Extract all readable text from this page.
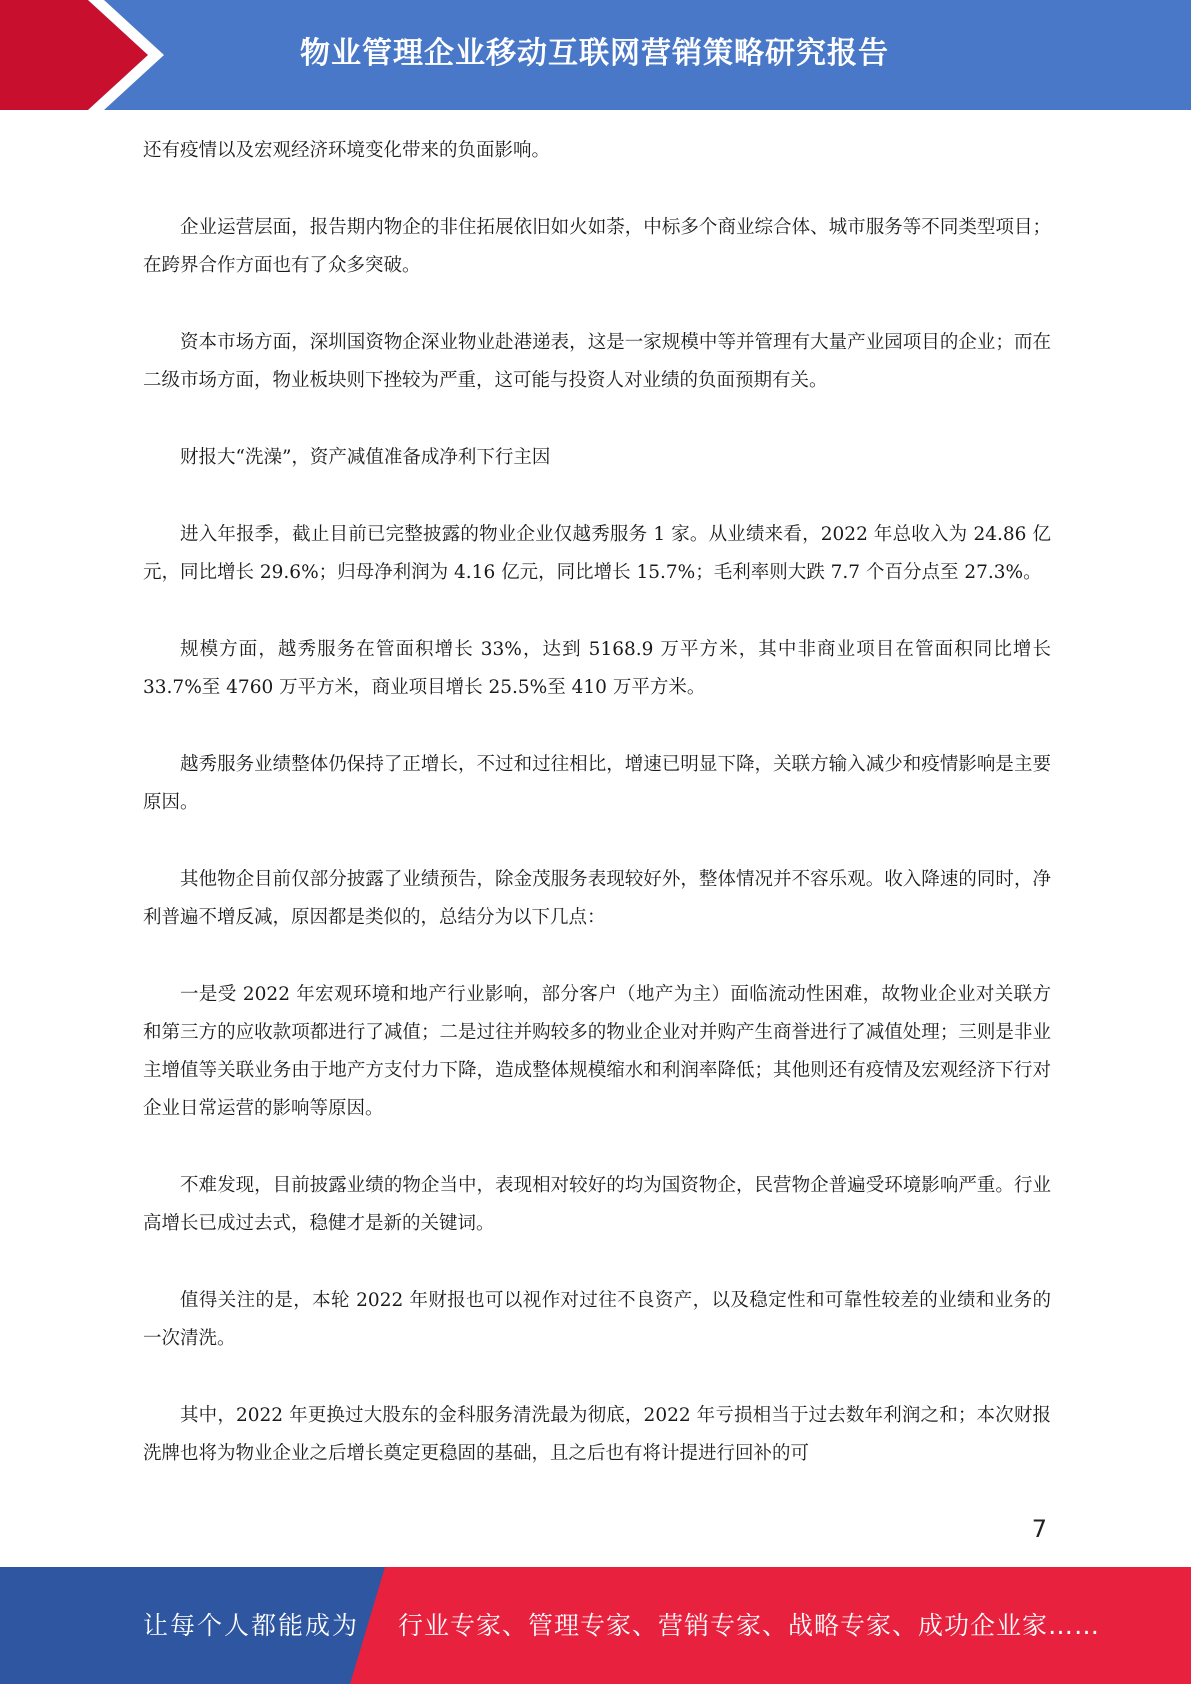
物业管理企业移动互联网营销策略研究报告

还有疫情以及宏观经济环境变化带来的负面影响。

企业运营层面，报告期内物企的非住拓展依旧如火如荼，中标多个商业综合体、城市服务等不同类型项目；在跨界合作方面也有了众多突破。

资本市场方面，深圳国资物企深业物业赴港递表，这是一家规模中等并管理有大量产业园项目的企业；而在二级市场方面，物业板块则下挫较为严重，这可能与投资人对业绩的负面预期有关。

财报大“洗澡”，资产减值准备成净利下行主因

进入年报季，截止目前已完整披露的物业企业仅越秀服务 1 家。从业绩来看，2022 年总收入为 24.86 亿元，同比增长 29.6%；归母净利润为 4.16 亿元，同比增长 15.7%；毛利率则大跌 7.7 个百分点至 27.3%。

规模方面，越秀服务在管面积增长 33%，达到 5168.9 万平方米，其中非商业项目在管面积同比增长 33.7%至 4760 万平方米，商业项目增长 25.5%至 410 万平方米。

越秀服务业绩整体仍保持了正增长，不过和过往相比，增速已明显下降，关联方输入减少和疫情影响是主要原因。

其他物企目前仅部分披露了业绩预告，除金茂服务表现较好外，整体情况并不容乐观。收入降速的同时，净利普遍不增反减，原因都是类似的，总结分为以下几点：

一是受 2022 年宏观环境和地产行业影响，部分客户（地产为主）面临流动性困难，故物业企业对关联方和第三方的应收款项都进行了减值；二是过往并购较多的物业企业对并购产生商誉进行了减值处理；三则是非业主增值等关联业务由于地产方支付力下降，造成整体规模缩水和利润率降低；其他则还有疫情及宏观经济下行对企业日常运营的影响等原因。

不难发现，目前披露业绩的物企当中，表现相对较好的均为国资物企，民营物企普遍受环境影响严重。行业高增长已成过去式，稳健才是新的关键词。

值得关注的是，本轮 2022 年财报也可以视作对过往不良资产，以及稳定性和可靠性较差的业绩和业务的一次清洗。

其中，2022 年更换过大股东的金科服务清洗最为彻底，2022 年亏损相当于过去数年利润之和；本次财报洗牌也将为物业企业之后增长奠定更稳固的基础，且之后也有将计提进行回补的可

7
让每个人都能成为 行业专家、管理专家、营销专家、战略专家、成功企业家……
